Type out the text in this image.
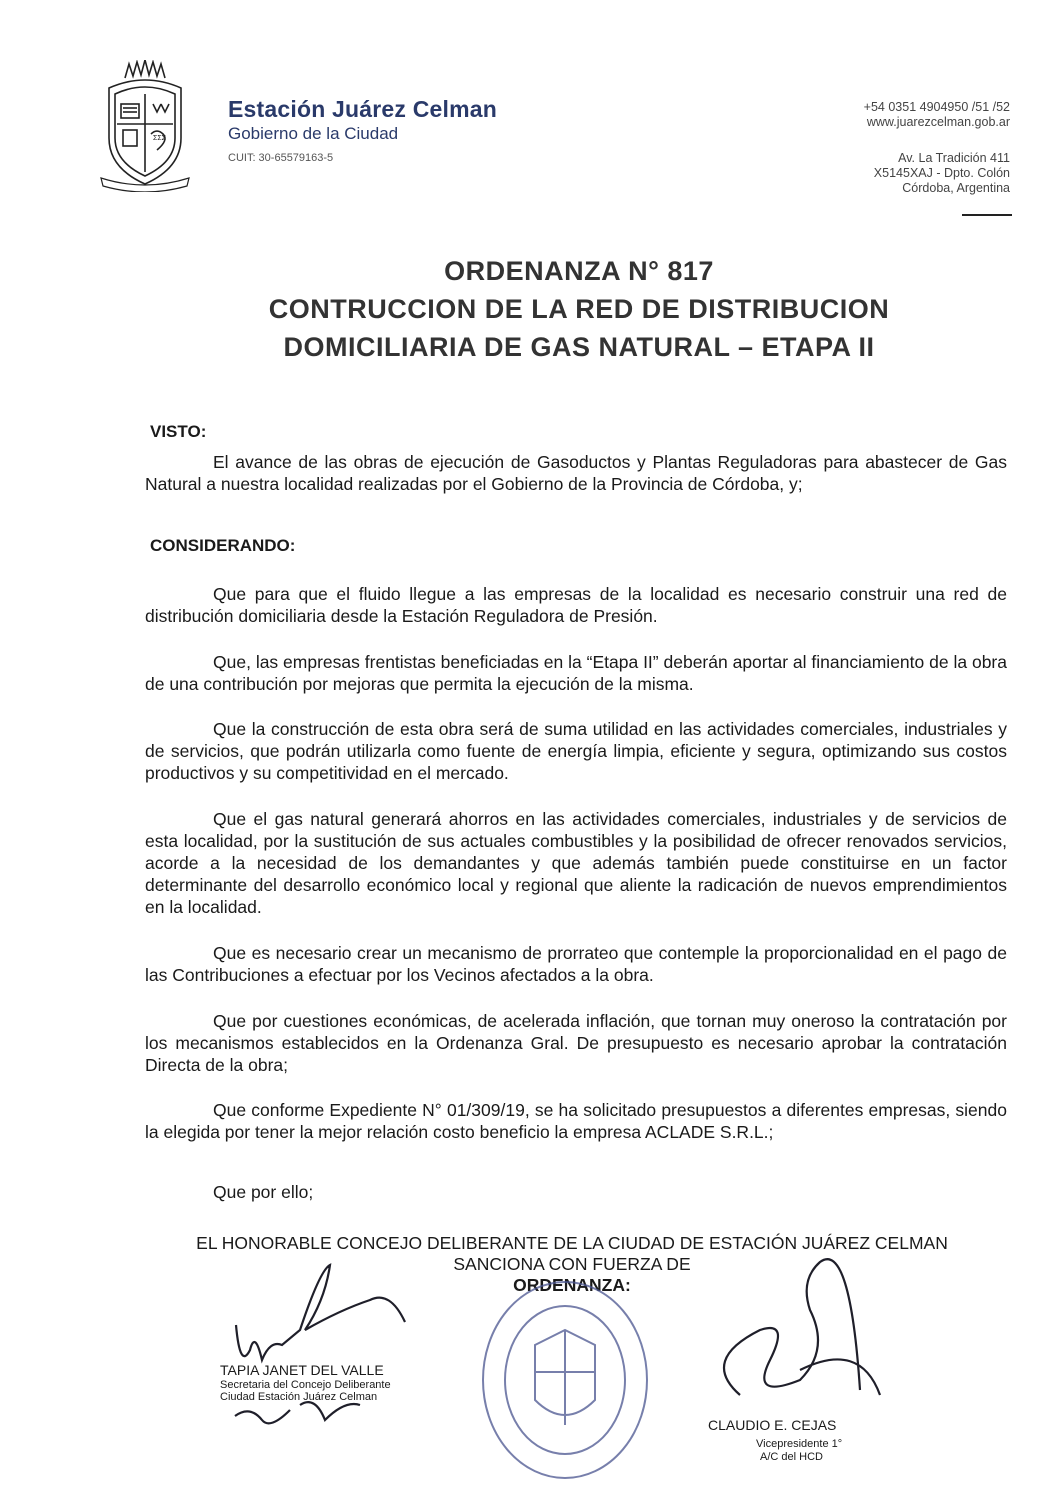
ΣΣΣ
Estación Juárez Celman
Gobierno de la Ciudad
CUIT: 30-65579163-5
+54 0351 4904950 /51 /52
www.juarezcelman.gob.ar
Av. La Tradición 411
X5145XAJ - Dpto. Colón
Córdoba, Argentina
ORDENANZA N° 817
CONTRUCCION DE LA RED DE DISTRIBUCION
DOMICILIARIA DE GAS NATURAL – ETAPA II
VISTO:

El avance de las obras de ejecución de Gasoductos y Plantas Reguladoras para abastecer de Gas Natural a nuestra localidad realizadas por el Gobierno de la Provincia de Córdoba, y;

CONSIDERANDO:

Que para que el fluido llegue a las empresas de la localidad es necesario construir una red de distribución domiciliaria desde la Estación Reguladora de Presión.

Que, las empresas frentistas beneficiadas en la “Etapa II” deberán aportar al financiamiento de la obra de una contribución por mejoras que permita la ejecución de la misma.

Que la construcción de esta obra será de suma utilidad en las actividades comerciales, industriales y de servicios, que podrán utilizarla como fuente de energía limpia, eficiente y segura, optimizando sus costos productivos y su competitividad en el mercado.

Que el gas natural generará ahorros en las actividades comerciales, industriales y de servicios de esta localidad, por la sustitución de sus actuales combustibles y la posibilidad de ofrecer renovados servicios, acorde a la necesidad de los demandantes y que además también puede constituirse en un factor determinante del desarrollo económico local y regional que aliente la radicación de nuevos emprendimientos en la localidad.

Que es necesario crear un mecanismo de prorrateo que contemple la proporcionalidad en el pago de las Contribuciones a efectuar por los Vecinos afectados a la obra.

Que por cuestiones económicas, de acelerada inflación, que tornan muy oneroso la contratación por los mecanismos establecidos en la Ordenanza Gral. De presupuesto es necesario aprobar la contratación Directa de la obra;

Que conforme Expediente N° 01/309/19, se ha solicitado presupuestos a diferentes empresas, siendo la elegida por tener la mejor relación costo beneficio la empresa ACLADE S.R.L.;

Que por ello;

EL HONORABLE CONCEJO DELIBERANTE DE LA CIUDAD DE ESTACIÓN JUÁREZ CELMAN

SANCIONA CON FUERZA DE

ORDENANZA:

TAPIA JANET DEL VALLE
Secretaria del Concejo Deliberante
Ciudad Estación Juárez Celman
CLAUDIO E. CEJAS
Vicepresidente 1°
A/C del HCD
